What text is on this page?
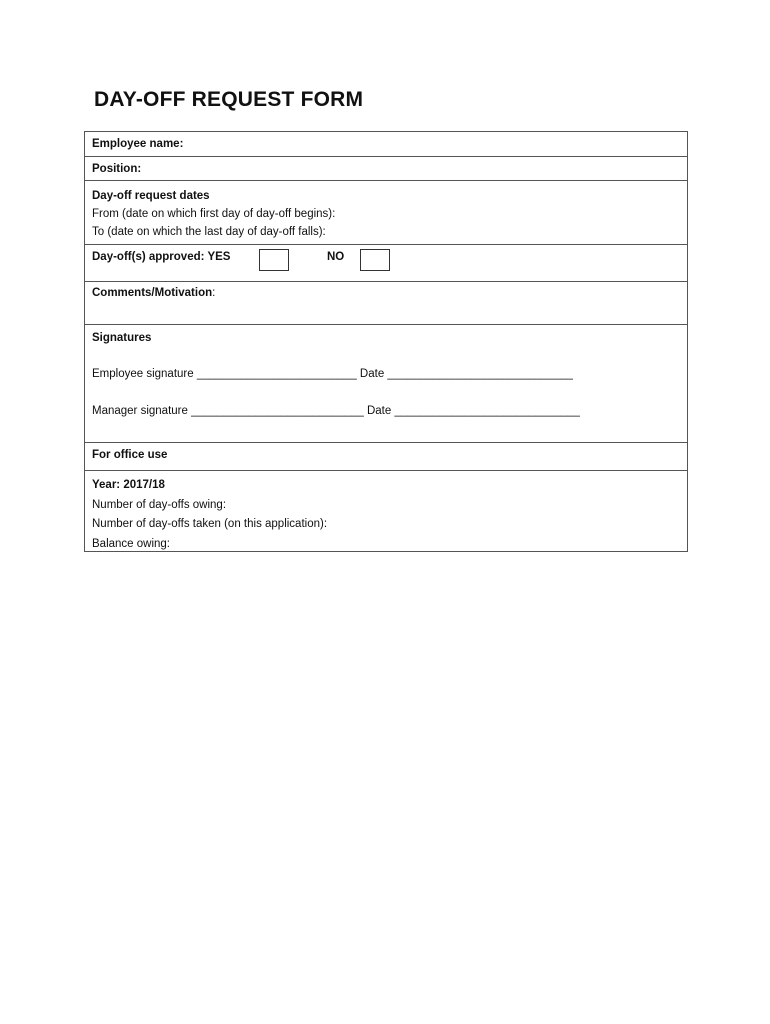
DAY-OFF REQUEST FORM
Employee name:
Position:
Day-off request dates
From (date on which first day of day-off begins):
To (date on which the last day of day-off falls):
Day-off(s) approved: YES	NO
Comments/Motivation:
Signatures
Employee signature _________________________ Date _____________________________
Manager signature ___________________________ Date _____________________________
For office use
Year: 2017/18
Number of day-offs owing:
Number of day-offs taken (on this application):
Balance owing:
